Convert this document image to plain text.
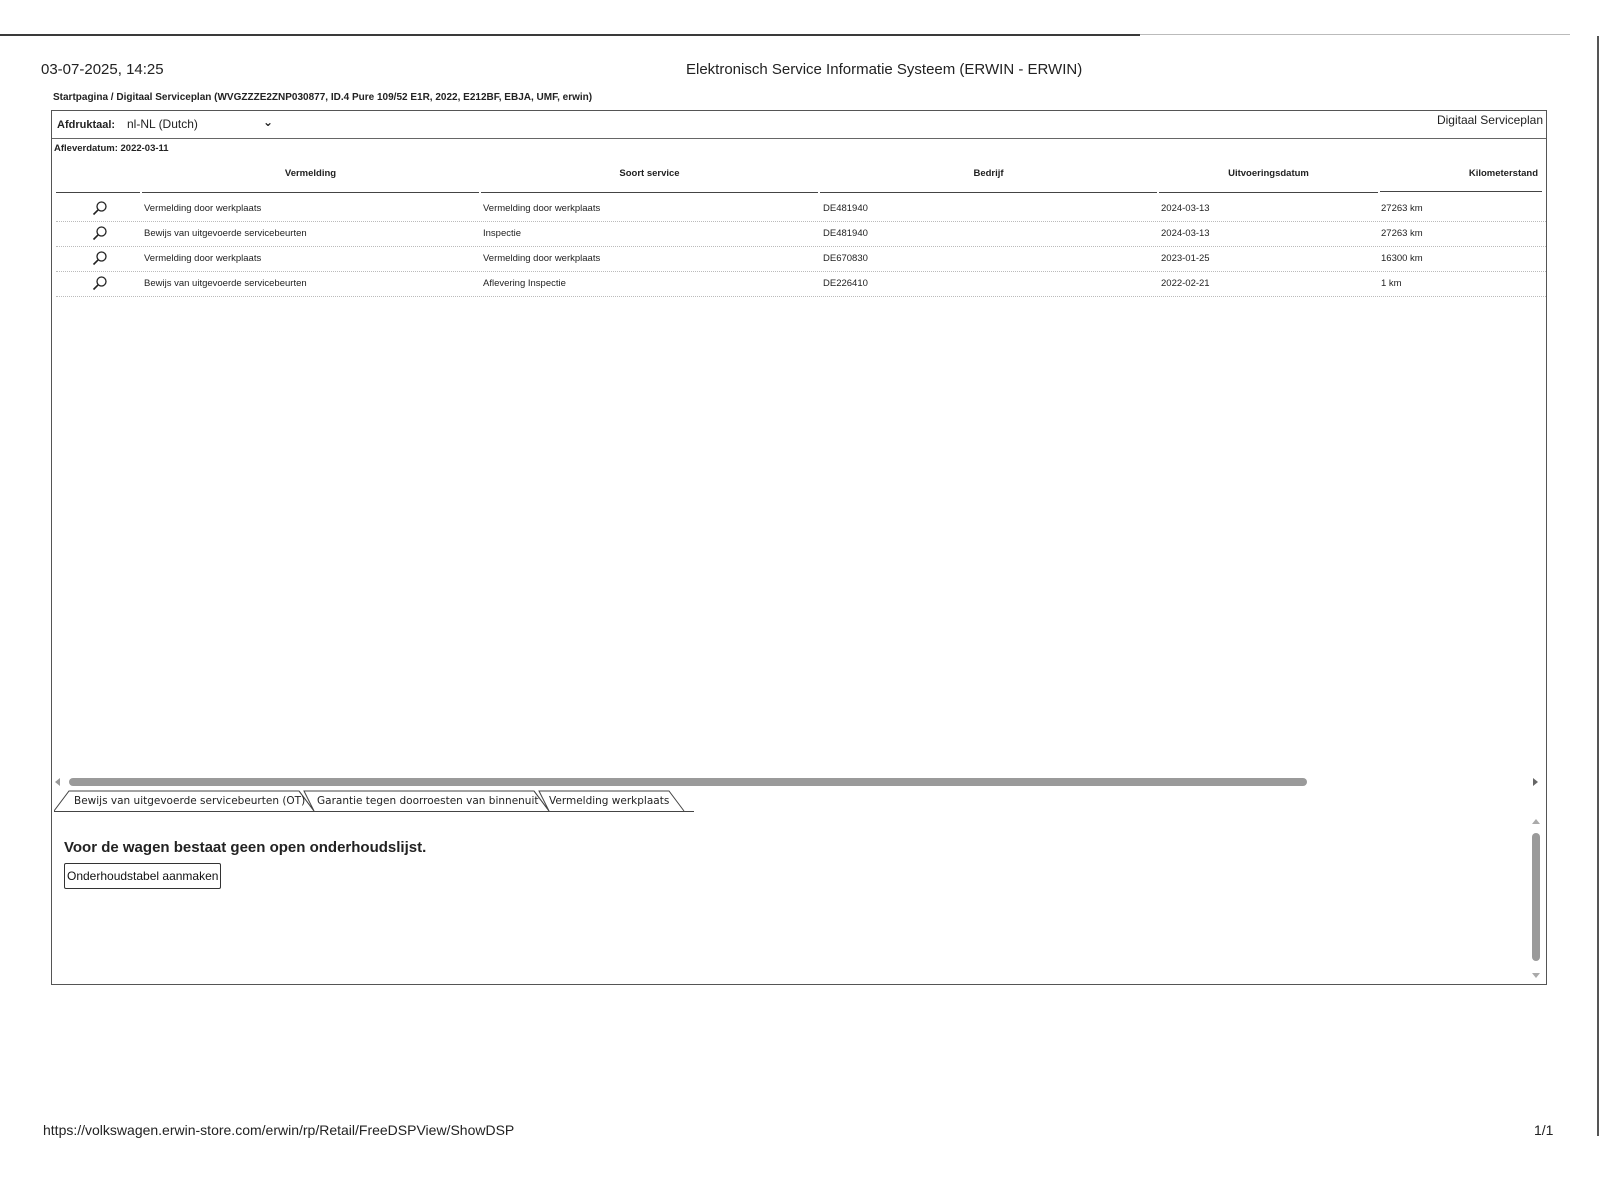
03-07-2025, 14:25	Elektronisch Service Informatie Systeem (ERWIN - ERWIN)
Startpagina / Digitaal Serviceplan (WVGZZZE2ZNP030877, ID.4 Pure 109/52 E1R, 2022, E212BF, EBJA, UMF, erwin)
Afdruktaal: nl-NL (Dutch)	⌄	Digitaal Serviceplan
Afleverdatum: 2022-03-11
Vermelding	Soort service	Bedrijf	Uitvoeringsdatum	Kilometerstand
Vermelding door werkplaats	Vermelding door werkplaats	DE481940	2024-03-13	27263 km
Bewijs van uitgevoerde servicebeurten	Inspectie	DE481940	2024-03-13	27263 km
Vermelding door werkplaats	Vermelding door werkplaats	DE670830	2023-01-25	16300 km
Bewijs van uitgevoerde servicebeurten	Aflevering Inspectie	DE226410	2022-02-21	1 km
Bewijs van uitgevoerde servicebeurten (OT) Garantie tegen doorroesten van binnenuit Vermelding werkplaats
Voor de wagen bestaat geen open onderhoudslijst.
Onderhoudstabel aanmaken
https://volkswagen.erwin-store.com/erwin/rp/Retail/FreeDSPView/ShowDSP	1/1
